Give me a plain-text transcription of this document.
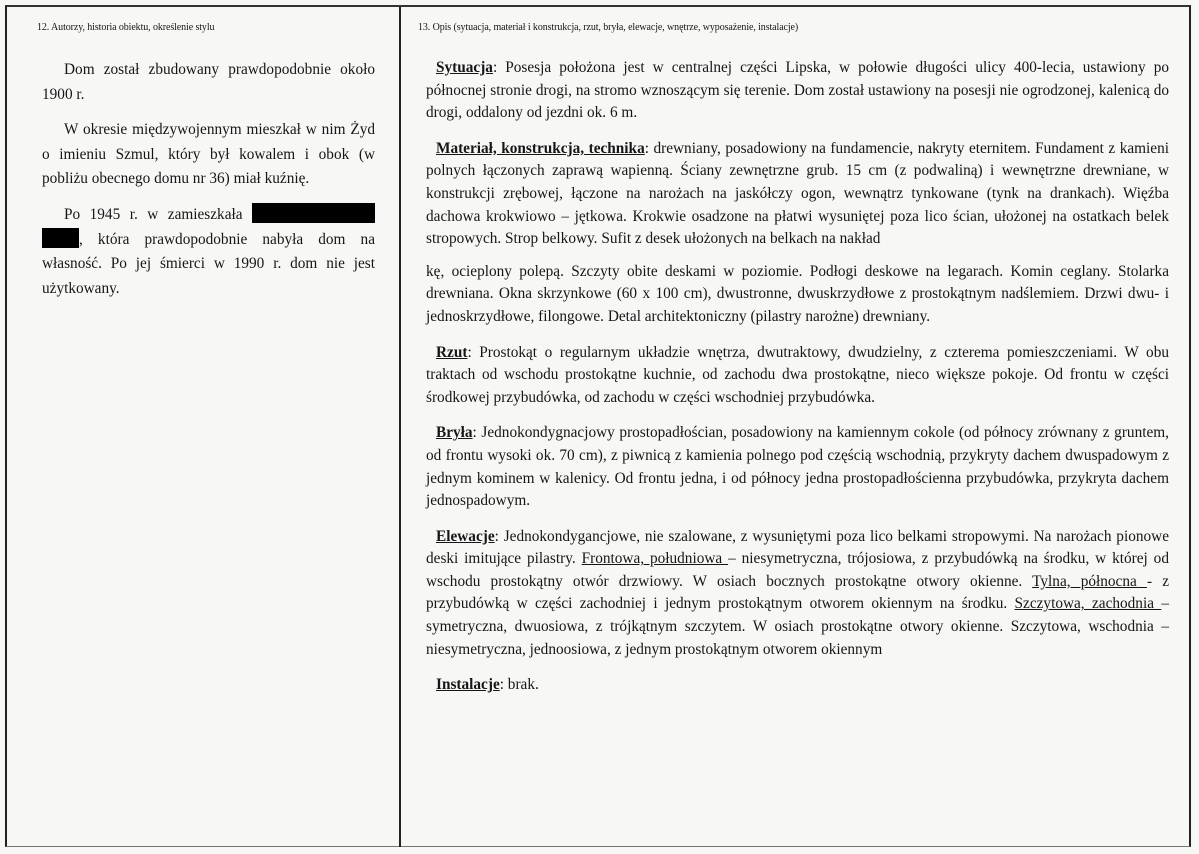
12. Autorzy, historia obiektu, określenie stylu	13. Opis (sytuacja, materiał i konstrukcja, rzut, bryła, elewacje, wnętrze, wyposażenie, instalacje)

Dom został zbudowany prawdopodobnie około 1900 r.

W okresie międzywojennym mieszkał w nim Żyd o imieniu Szmul, który był kowalem i obok (w pobliżu obecnego domu nr 36) miał kuźnię.

Po 1945 r. w zamieszkała  , która prawdopodobnie nabyła dom na własność. Po jej śmierci w 1990 r. dom nie jest użytkowany.

Sytuacja: Posesja położona jest w centralnej części Lipska, w połowie długości ulicy 400-lecia, ustawiony po północnej stronie drogi, na stromo wznoszącym się terenie. Dom został ustawiony na posesji nie ogrodzonej, kalenicą do drogi, oddalony od jezdni ok. 6 m.

Materiał, konstrukcja, technika: drewniany, posadowiony na fundamencie, nakryty eternitem. Fundament z kamieni polnych łączonych zaprawą wapienną. Ściany zewnętrzne grub. 15 cm (z podwaliną) i wewnętrzne drewniane, w konstrukcji zrębowej, łączone na narożach na jaskółczy ogon, wewnątrz tynkowane (tynk na drankach). Więźba dachowa krokwiowo – jętkowa. Krokwie osadzone na płatwi wysuniętej poza lico ścian, ułożonej na ostatkach belek stropowych. Strop belkowy. Sufit z desek ułożonych na belkach na nakład

kę, ocieplony polepą. Szczyty obite deskami w poziomie. Podłogi deskowe na legarach. Komin ceglany. Stolarka drewniana. Okna skrzynkowe (60 x 100 cm), dwustronne, dwuskrzydłowe z prostokątnym nadślemiem. Drzwi dwu- i jednoskrzydłowe, filongowe. Detal architektoniczny (pilastry narożne) drewniany.

Rzut: Prostokąt o regularnym układzie wnętrza, dwutraktowy, dwudzielny, z czterema pomieszczeniami. W obu traktach od wschodu prostokątne kuchnie, od zachodu dwa prostokątne, nieco większe pokoje. Od frontu w części środkowej przybudówka, od zachodu w części wschodniej przybudówka.

Bryła: Jednokondygnacjowy prostopadłościan, posadowiony na kamiennym cokole (od północy zrównany z gruntem, od frontu wysoki ok. 70 cm), z piwnicą z kamienia polnego pod częścią wschodnią, przykryty dachem dwuspadowym z jednym kominem w kalenicy. Od frontu jedna, i od północy jedna prostopadłościenna przybudówka, przykryta dachem jednospadowym.

Elewacje: Jednokondygancjowe, nie szalowane, z wysuniętymi poza lico belkami stropowymi. Na narożach pionowe deski imitujące pilastry. Frontowa, południowa – niesymetryczna, trójosiowa, z przybudówką na środku, w której od wschodu prostokątny otwór drzwiowy. W osiach bocznych prostokątne otwory okienne. Tylna, północna - z przybudówką w części zachodniej i jednym prostokątnym otworem okiennym na środku. Szczytowa, zachodnia – symetryczna, dwuosiowa, z trójkątnym szczytem. W osiach prostokątne otwory okienne. Szczytowa, wschodnia – niesymetryczna, jednoosiowa, z jednym prostokątnym otworem okiennym

Instalacje: brak.
